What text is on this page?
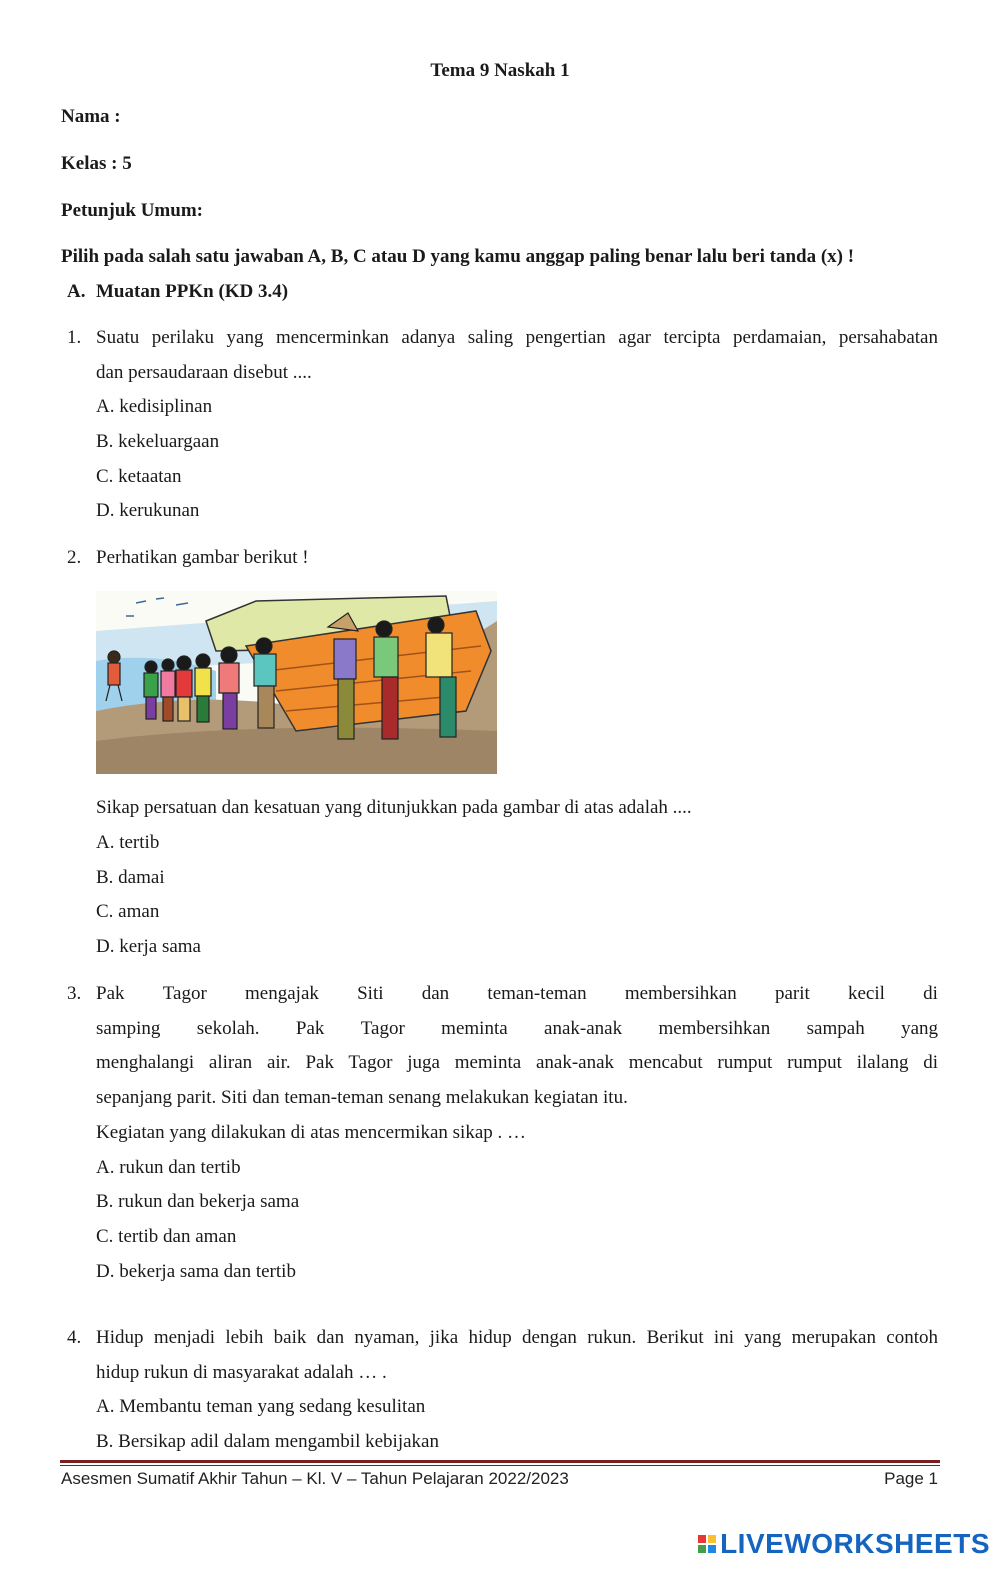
Tema 9 Naskah 1
Nama :
Kelas : 5
Petunjuk Umum:
Pilih pada salah satu jawaban A, B, C atau D yang kamu anggap paling benar lalu beri tanda (x) !
A. Muatan PPKn (KD 3.4)
1. Suatu perilaku yang mencerminkan adanya saling pengertian agar tercipta perdamaian, persahabatan
dan persaudaraan disebut ....
A. kedisiplinan
B. kekeluargaan
C. ketaatan
D. kerukunan
2. Perhatikan gambar berikut !
Sikap persatuan dan kesatuan yang ditunjukkan pada gambar di atas adalah ....
A. tertib
B. damai
C. aman
D. kerja sama
3. Pak Tagor mengajak Siti dan teman-teman membersihkan parit kecil di
samping sekolah. Pak Tagor meminta anak-anak membersihkan sampah yang
menghalangi aliran air. Pak Tagor juga meminta anak-anak mencabut rumput rumput ilalang di
sepanjang parit. Siti dan teman-teman senang melakukan kegiatan itu.
Kegiatan yang dilakukan di atas mencermikan sikap . …
A. rukun dan tertib
B. rukun dan bekerja sama
C. tertib dan aman
D. bekerja sama dan tertib
4. Hidup menjadi lebih baik dan nyaman, jika hidup dengan rukun. Berikut ini yang merupakan contoh
hidup rukun di masyarakat adalah … .
A. Membantu teman yang sedang kesulitan
B. Bersikap adil dalam mengambil kebijakan
Asesmen Sumatif Akhir Tahun – Kl. V – Tahun Pelajaran 2022/2023	Page 1
LIVEWORKSHEETS
